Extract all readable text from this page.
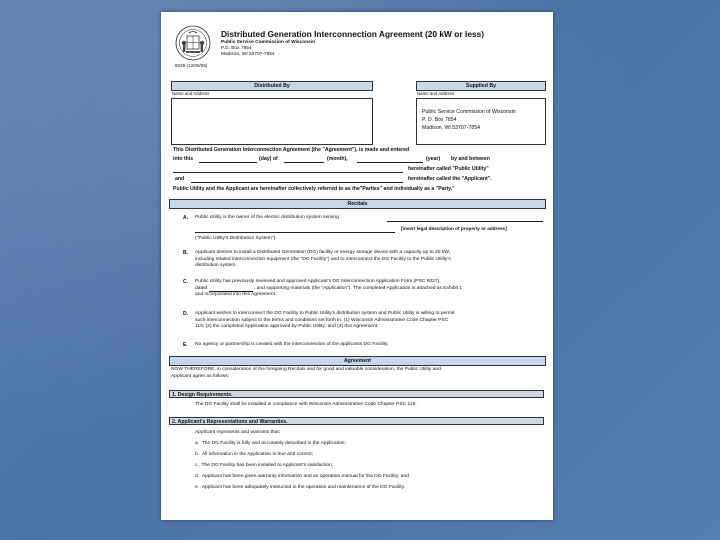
Distributed Generation Interconnection Agreement (20 kW or less)
Public Service Commission of Wisconsin
P.O. Box 7854
Madison, WI 53707-7854
6029 (12/06/05)
Distributed By	Supplied By
Name and Address	Name and Address
Public Service Commission of Wisconsin
P. O. Box 7854
Madison, WI 53707-7854
This Distributed Generation Interconnection Agreement (the "Agreement"), is made and entered
into this	(day) of	(month),	(year) by and between
hereinafter called "Public Utility"
and	hereinafter called the "Applicant".
Public Utility and the Applicant are hereinafter collectively referred to as the"Parties" and individually as a "Party."
Recitals
A. Public Utility is the owner of the electric distribution system serving
[insert legal description of property or address]
("Public Utility's Distribution System").
B. Applicant desires to install a Distributed Generation (DG) facility or energy storage device with a capacity up to 20 kW,
including related interconnection equipment (the "DG Facility") and to interconnect the DG Facility to the Public Utility's
distribution system.
C. Public Utility has previously reviewed and approved Applicant's DG Interconnection Application Form (PSC 6027),
dated	, and supporting materials (the "Application"). The completed Application is attached as Exhibit 1
and incorporated into this Agreement.
D. Applicant wishes to interconnect the DG Facility to Public Utility's distribution system and Public Utility is willing to permit
such interconnection subject to the terms and conditions set forth in: (1) Wisconsin Administrative Code Chapter PSC
119; (2) the completed Application approved by Public Utility; and (3) this Agreement.
E. No agency or partnership is created with the interconnection of the applicants DG Facility.
Agreement
NOW THEREFORE, in consideration of the foregoing Recitals and for good and valuable consideration, the Public Utility and
Applicant agree as follows:
1. Design Requirements.
The DG Facility shall be installed in compliance with Wisconsin Administrative Code Chapter PSC 119.
2. Applicant's Representations and Warranties.
Applicant represents and warrants that:
a. The DG Facility is fully and accurately described in the Application;
b. All information in the Application is true and correct;
c. The DG Facility has been installed to Applicant's satisfaction;
d. Applicant has been given warranty information and an operation manual for the DG Facility; and
e. Applicant has been adequately instructed in the operation and maintenance of the DG Facility.
